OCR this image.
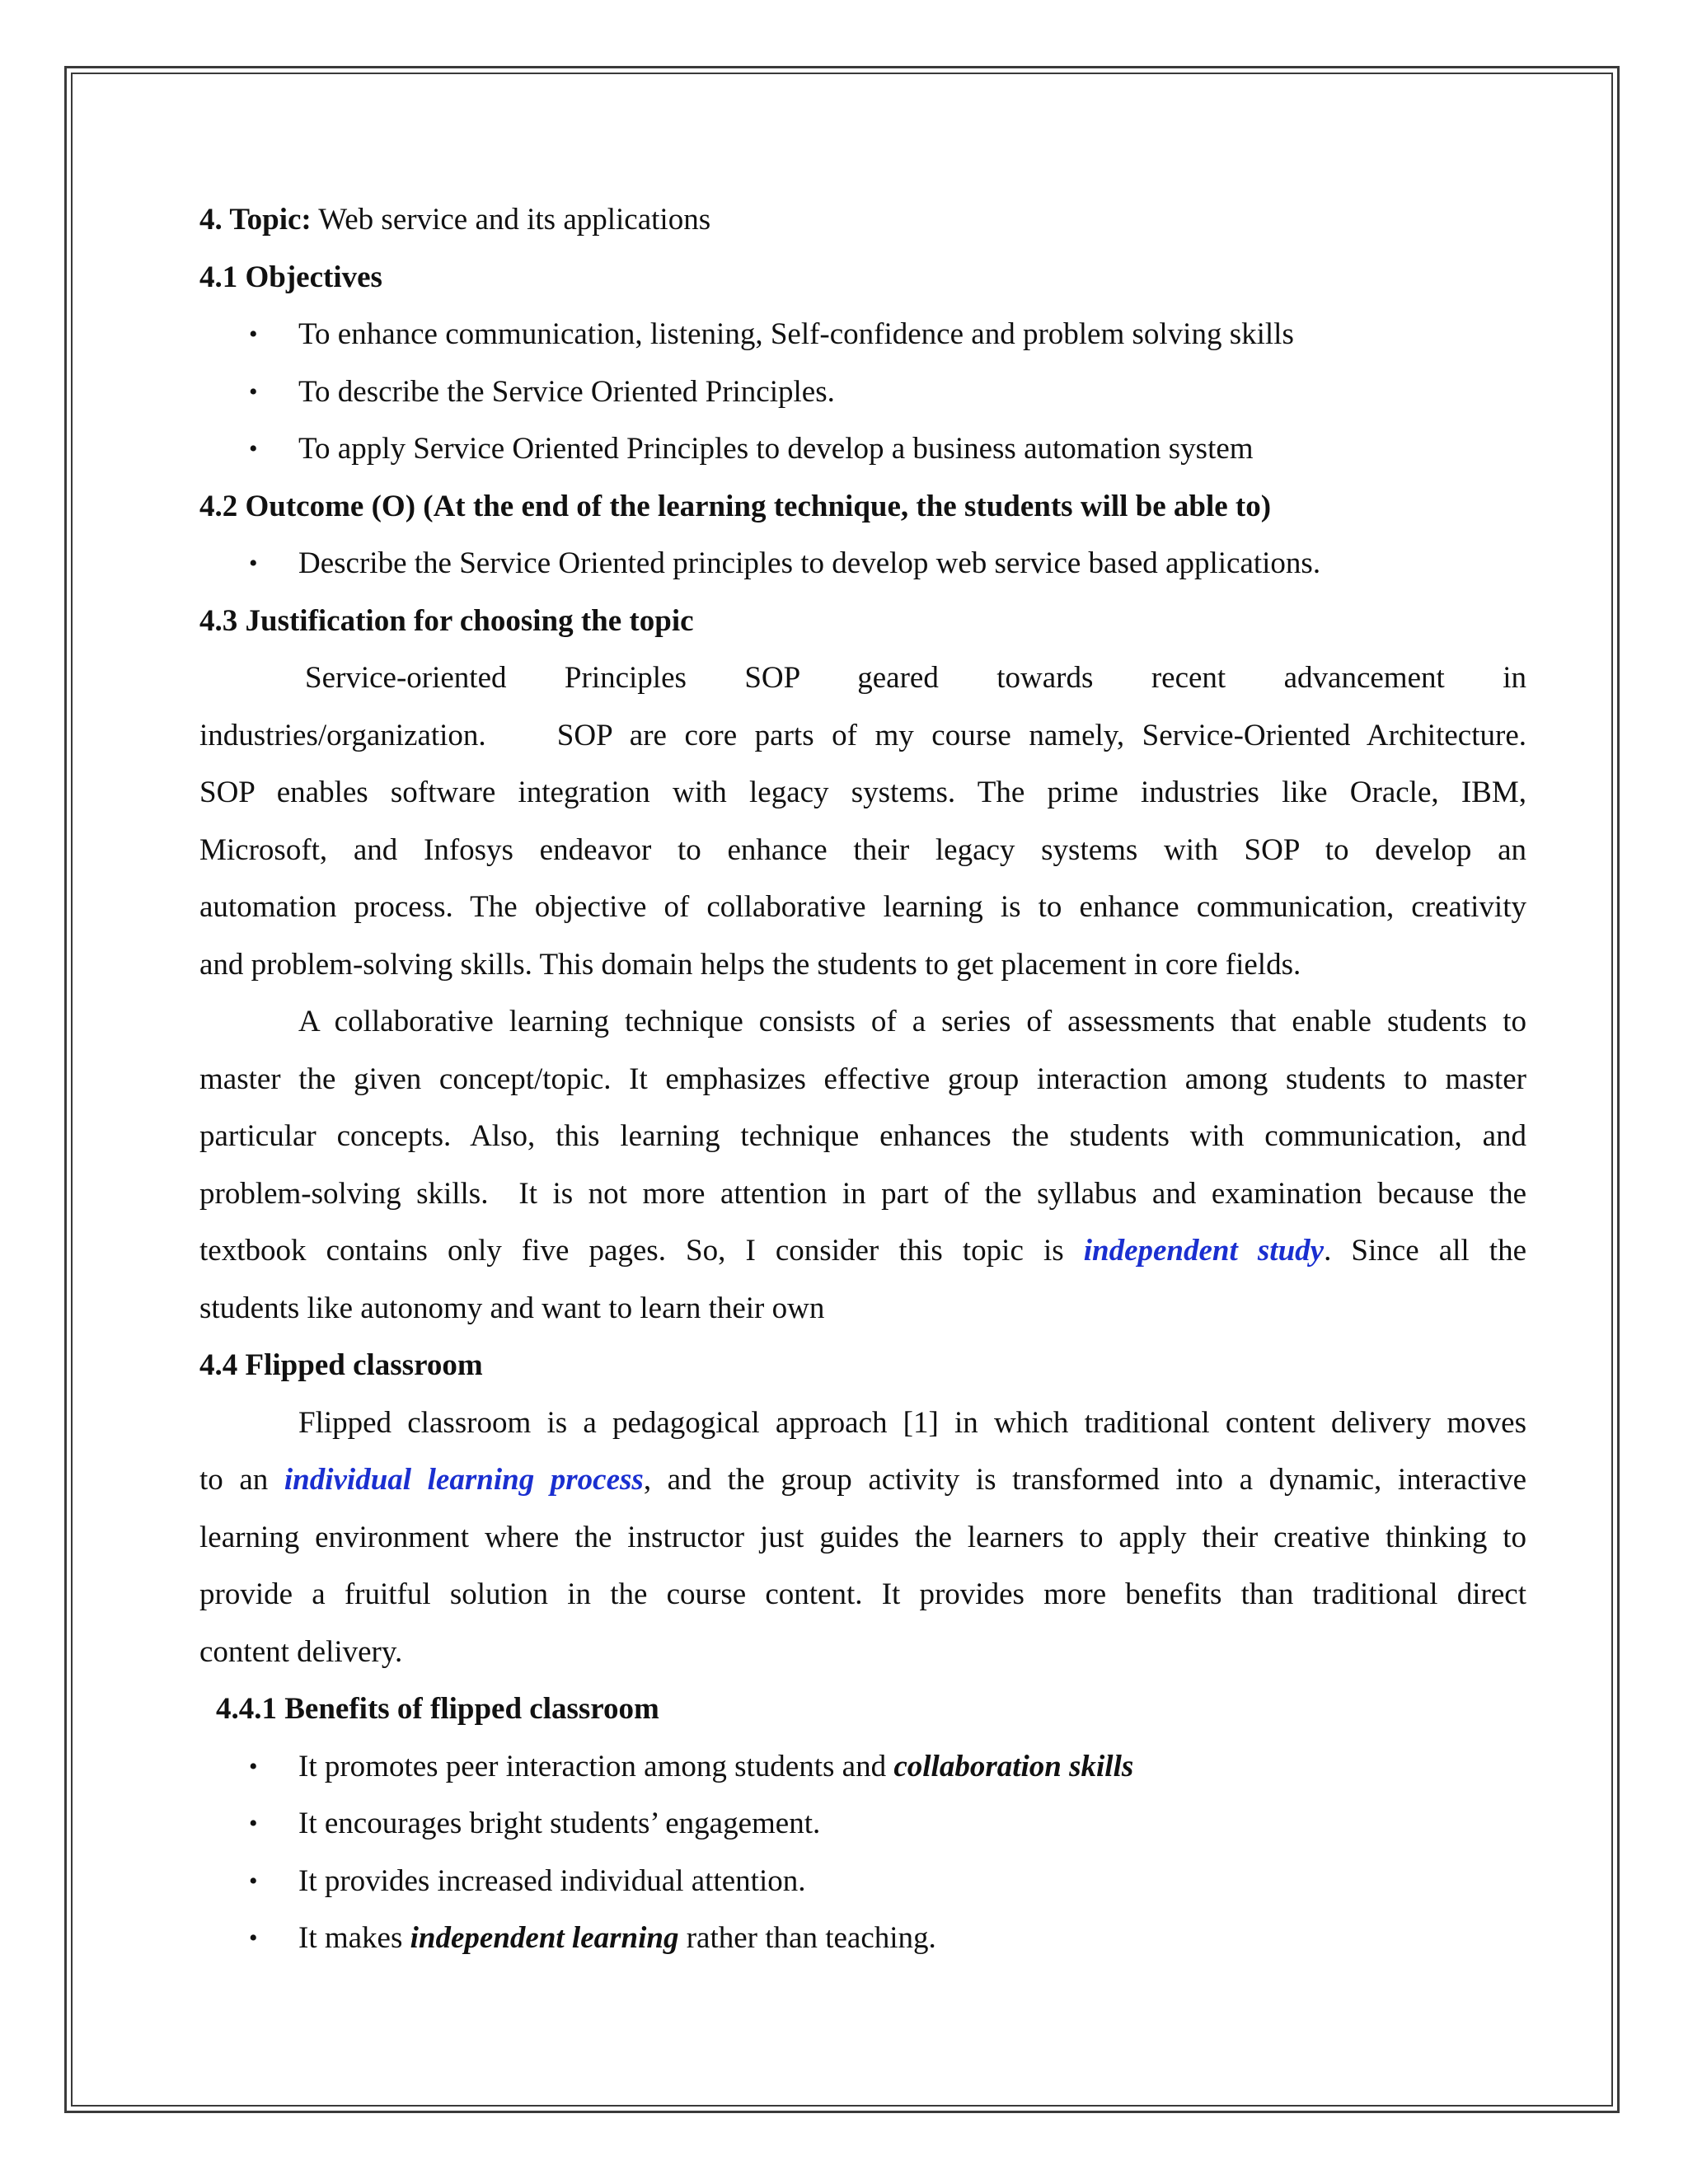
4. Topic: Web service and its applications

4.1 Objectives

• To enhance communication, listening, Self-confidence and problem solving skills
• To describe the Service Oriented Principles.
• To apply Service Oriented Principles to develop a business automation system

4.2 Outcome (O) (At the end of the learning technique, the students will be able to)

• Describe the Service Oriented principles to develop web service based applications.

4.3 Justification for choosing the topic

Service-oriented Principles SOP geared towards recent advancement in
industries/organization.    SOP are core parts of my course namely, Service-Oriented Architecture.
SOP enables software integration with legacy systems. The prime industries like Oracle, IBM,
Microsoft, and Infosys endeavor to enhance their legacy systems with SOP to develop an
automation process. The objective of collaborative learning is to enhance communication, creativity
and problem-solving skills. This domain helps the students to get placement in core fields.
A collaborative learning technique consists of a series of assessments that enable students to
master the given concept/topic. It emphasizes effective group interaction among students to master
particular concepts. Also, this learning technique enhances the students with communication, and
problem-solving skills.  It is not more attention in part of the syllabus and examination because the
textbook contains only five pages. So, I consider this topic is independent study. Since all the
students like autonomy and want to learn their own

4.4 Flipped classroom

Flipped classroom is a pedagogical approach [1] in which traditional content delivery moves
to an individual learning process, and the group activity is transformed into a dynamic, interactive
learning environment where the instructor just guides the learners to apply their creative thinking to
provide a fruitful solution in the course content. It provides more benefits than traditional direct
content delivery.

4.4.1 Benefits of flipped classroom

• It promotes peer interaction among students and collaboration skills
• It encourages bright students’ engagement.
• It provides increased individual attention.
• It makes independent learning rather than teaching.
